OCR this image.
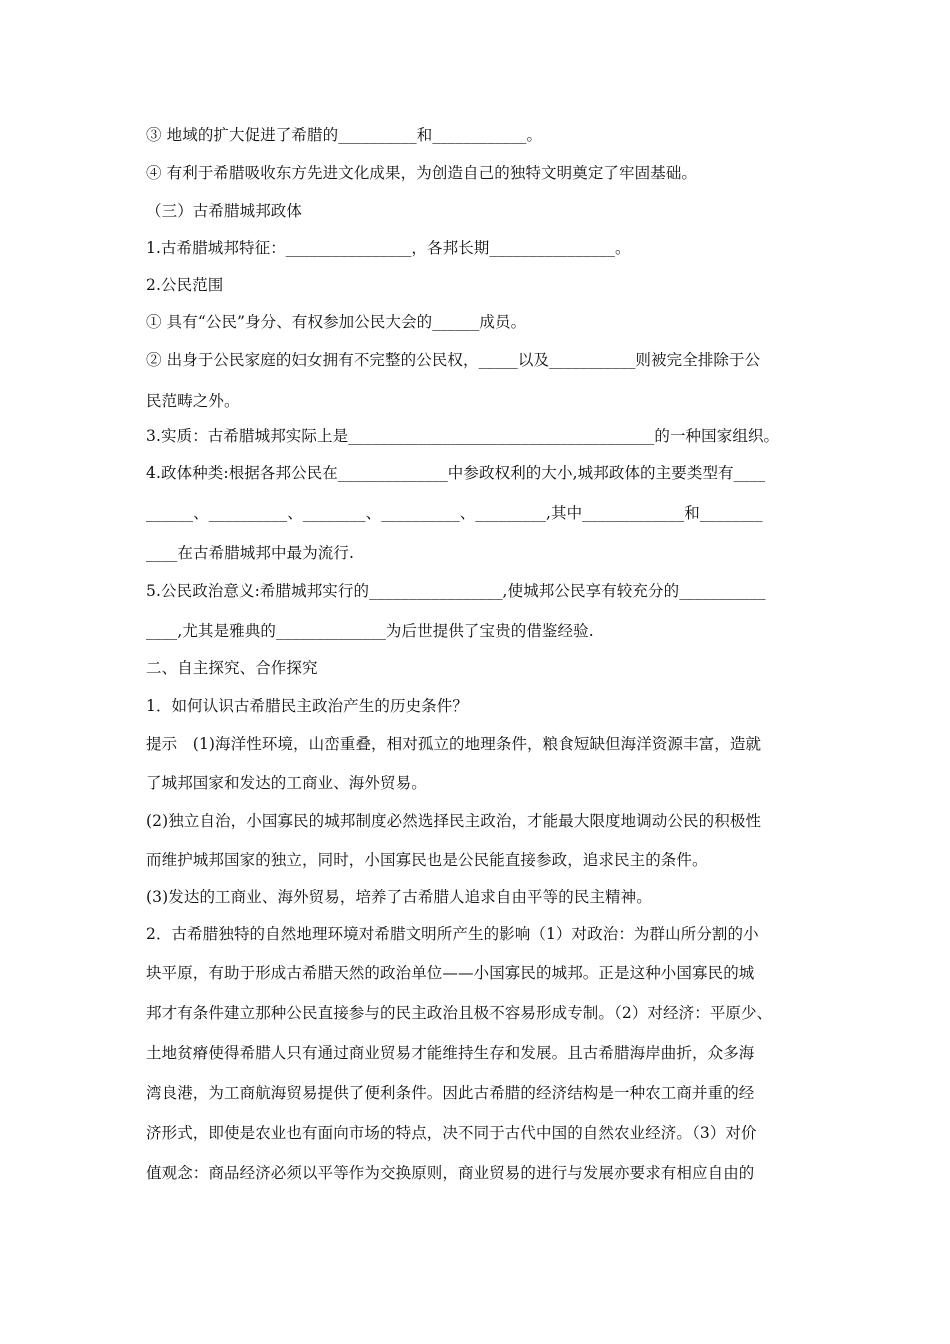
③ 地域的扩大促进了希腊的__________和____________。
④ 有利于希腊吸收东方先进文化成果，为创造自己的独特文明奠定了牢固基础。
（三）古希腊城邦政体
1.古希腊城邦特征：________________，各邦长期________________。
2.公民范围
① 具有“公民”身分、有权参加公民大会的______成员。
② 出身于公民家庭的妇女拥有不完整的公民权，_____以及___________则被完全排除于公
民范畴之外。
3.实质：古希腊城邦实际上是_______________________________________的一种国家组织。
4.政体种类:根据各邦公民在______________中参政权利的大小,城邦政体的主要类型有____
______、__________、________、__________、_________,其中_____________和________
____在古希腊城邦中最为流行.
5.公民政治意义:希腊城邦实行的_________________,使城邦公民享有较充分的___________
____,尤其是雅典的______________为后世提供了宝贵的借鉴经验.
二、自主探究、合作探究
1．如何认识古希腊民主政治产生的历史条件？
提示　(1)海洋性环境，山峦重叠，相对孤立的地理条件，粮食短缺但海洋资源丰富，造就
了城邦国家和发达的工商业、海外贸易。
(2)独立自治，小国寡民的城邦制度必然选择民主政治，才能最大限度地调动公民的积极性
而维护城邦国家的独立，同时，小国寡民也是公民能直接参政，追求民主的条件。
(3)发达的工商业、海外贸易，培养了古希腊人追求自由平等的民主精神。
2．古希腊独特的自然地理环境对希腊文明所产生的影响（1）对政治：为群山所分割的小
块平原，有助于形成古希腊天然的政治单位——小国寡民的城邦。正是这种小国寡民的城
邦才有条件建立那种公民直接参与的民主政治且极不容易形成专制。（2）对经济：平原少、
土地贫瘠使得希腊人只有通过商业贸易才能维持生存和发展。且古希腊海岸曲折，众多海
湾良港，为工商航海贸易提供了便利条件。因此古希腊的经济结构是一种农工商并重的经
济形式，即使是农业也有面向市场的特点，决不同于古代中国的自然农业经济。（3）对价
值观念：商品经济必须以平等作为交换原则，商业贸易的进行与发展亦要求有相应自由的
